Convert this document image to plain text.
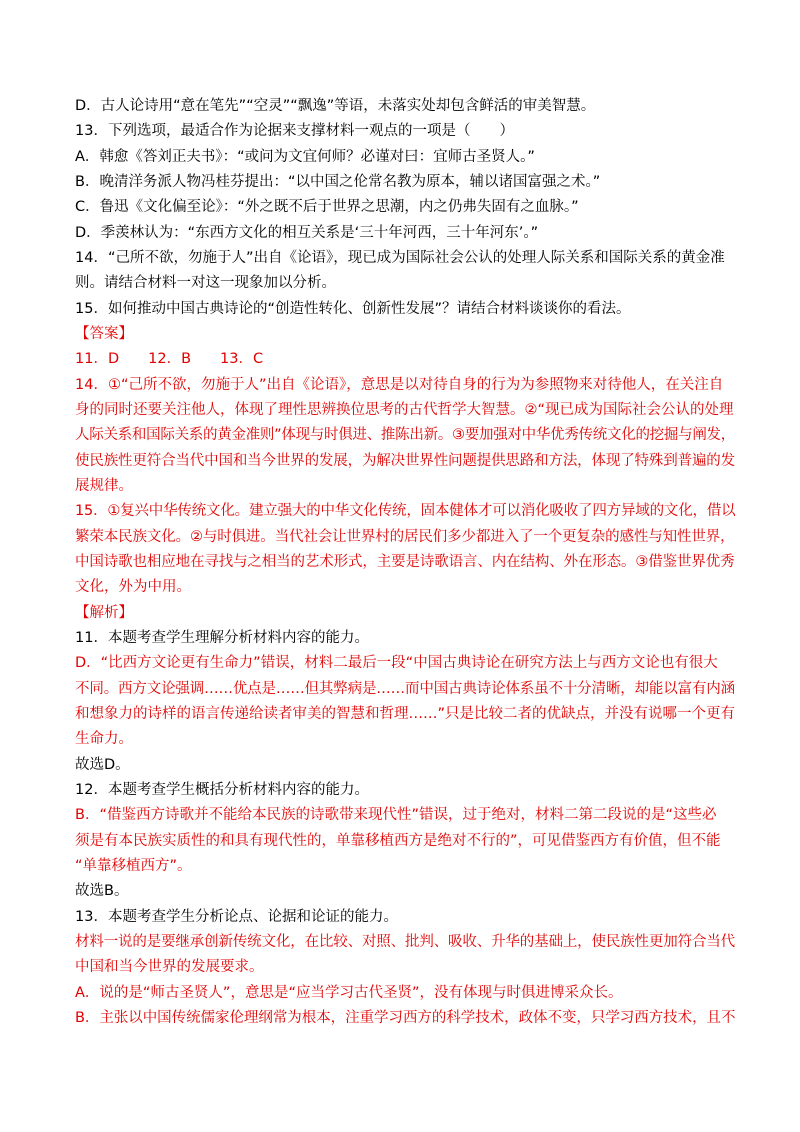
D．古人论诗用“意在笔先”“空灵”“飘逸”等语，未落实处却包含鲜活的审美智慧。
13．下列选项，最适合作为论据来支撑材料一观点的一项是（　　）
A．韩愈《答刘正夫书》：“或问为文宜何师？必谨对曰：宜师古圣贤人。”
B．晚清洋务派人物冯桂芬提出：“以中国之伦常名教为原本，辅以诸国富强之术。”
C．鲁迅《文化偏至论》：“外之既不后于世界之思潮，内之仍弗失固有之血脉。”
D．季羡林认为：“东西方文化的相互关系是‘三十年河西，三十年河东’。”
14．“己所不欲，勿施于人”出自《论语》，现已成为国际社会公认的处理人际关系和国际关系的黄金准
则。请结合材料一对这一现象加以分析。
15．如何推动中国古典诗论的“创造性转化、创新性发展”？请结合材料谈谈你的看法。
【答案】
11．D　　12．B　　13．C
14．①“己所不欲，勿施于人”出自《论语》，意思是以对待自身的行为为参照物来对待他人，在关注自
身的同时还要关注他人，体现了理性思辨换位思考的古代哲学大智慧。②“现已成为国际社会公认的处理
人际关系和国际关系的黄金准则”体现与时俱进、推陈出新。③要加强对中华优秀传统文化的挖掘与阐发，
使民族性更符合当代中国和当今世界的发展，为解决世界性问题提供思路和方法，体现了特殊到普遍的发
展规律。
15．①复兴中华传统文化。建立强大的中华文化传统，固本健体才可以消化吸收了四方异域的文化，借以
繁荣本民族文化。②与时俱进。当代社会让世界村的居民们多少都进入了一个更复杂的感性与知性世界，
中国诗歌也相应地在寻找与之相当的艺术形式，主要是诗歌语言、内在结构、外在形态。③借鉴世界优秀
文化，外为中用。
【解析】
11．本题考查学生理解分析材料内容的能力。
D．“比西方文论更有生命力”错误，材料二最后一段“中国古典诗论在研究方法上与西方文论也有很大
不同。西方文论强调……优点是……但其弊病是……而中国古典诗论体系虽不十分清晰，却能以富有内涵
和想象力的诗样的语言传递给读者审美的智慧和哲理……”只是比较二者的优缺点，并没有说哪一个更有
生命力。
故选D。
12．本题考查学生概括分析材料内容的能力。
B．“借鉴西方诗歌并不能给本民族的诗歌带来现代性”错误，过于绝对，材料二第二段说的是“这些必
须是有本民族实质性的和具有现代性的，单靠移植西方是绝对不行的”，可见借鉴西方有价值，但不能
“单靠移植西方”。
故选B。
13．本题考查学生分析论点、论据和论证的能力。
材料一说的是要继承创新传统文化，在比较、对照、批判、吸收、升华的基础上，使民族性更加符合当代
中国和当今世界的发展要求。
A．说的是“师古圣贤人”，意思是“应当学习古代圣贤”，没有体现与时俱进博采众长。
B．主张以中国传统儒家伦理纲常为根本，注重学习西方的科学技术，政体不变，只学习西方技术，且不
